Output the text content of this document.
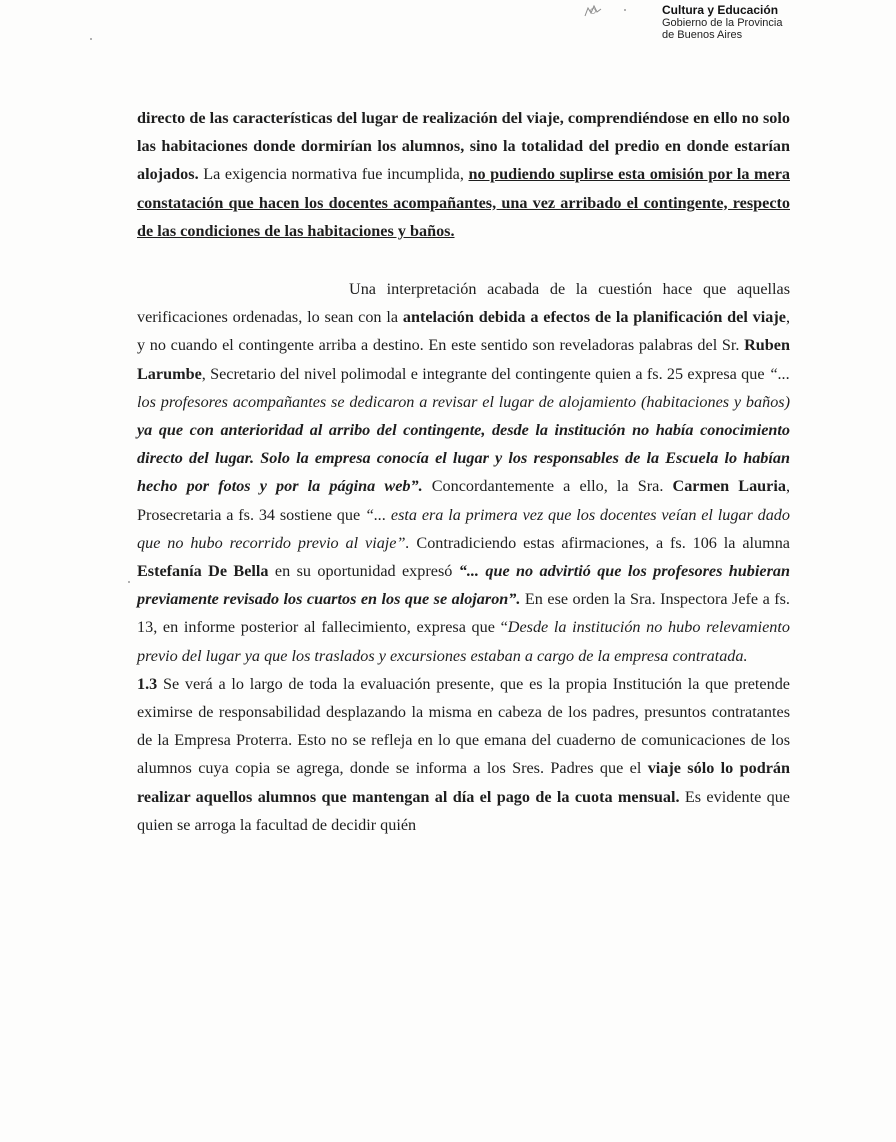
Cultura y Educación
Gobierno de la Provincia
de Buenos Aires

directo de las características del lugar de realización del viaje, comprendiéndose en ello no solo las habitaciones donde dormirían los alumnos, sino la totalidad del predio en donde estarían alojados. La exigencia normativa fue incumplida, no pudiendo suplirse esta omisión por la mera constatación que hacen los docentes acompañantes, una vez arribado el contingente, respecto de las condiciones de las habitaciones y baños.

Una interpretación acabada de la cuestión hace que aquellas verificaciones ordenadas, lo sean con la antelación debida a efectos de la planificación del viaje, y no cuando el contingente arriba a destino. En este sentido son reveladoras palabras del Sr. Ruben Larumbe, Secretario del nivel polimodal e integrante del contingente quien a fs. 25 expresa que “... los profesores acompañantes se dedicaron a revisar el lugar de alojamiento (habitaciones y baños) ya que con anterioridad al arribo del contingente, desde la institución no había conocimiento directo del lugar. Solo la empresa conocía el lugar y los responsables de la Escuela lo habían hecho por fotos y por la página web”. Concordantemente a ello, la Sra. Carmen Lauria, Prosecretaria a fs. 34 sostiene que “... esta era la primera vez que los docentes veían el lugar dado que no hubo recorrido previo al viaje”. Contradiciendo estas afirmaciones, a fs. 106 la alumna Estefanía De Bella en su oportunidad expresó “... que no advirtió que los profesores hubieran previamente revisado los cuartos en los que se alojaron”. En ese orden la Sra. Inspectora Jefe a fs. 13, en informe posterior al fallecimiento, expresa que “Desde la institución no hubo relevamiento previo del lugar ya que los traslados y excursiones estaban a cargo de la empresa contratada.

1.3 Se verá a lo largo de toda la evaluación presente, que es la propia Institución la que pretende eximirse de responsabilidad desplazando la misma en cabeza de los padres, presuntos contratantes de la Empresa Proterra. Esto no se refleja en lo que emana del cuaderno de comunicaciones de los alumnos cuya copia se agrega, donde se informa a los Sres. Padres que el viaje sólo lo podrán realizar aquellos alumnos que mantengan al día el pago de la cuota mensual. Es evidente que quien se arroga la facultad de decidir quién
